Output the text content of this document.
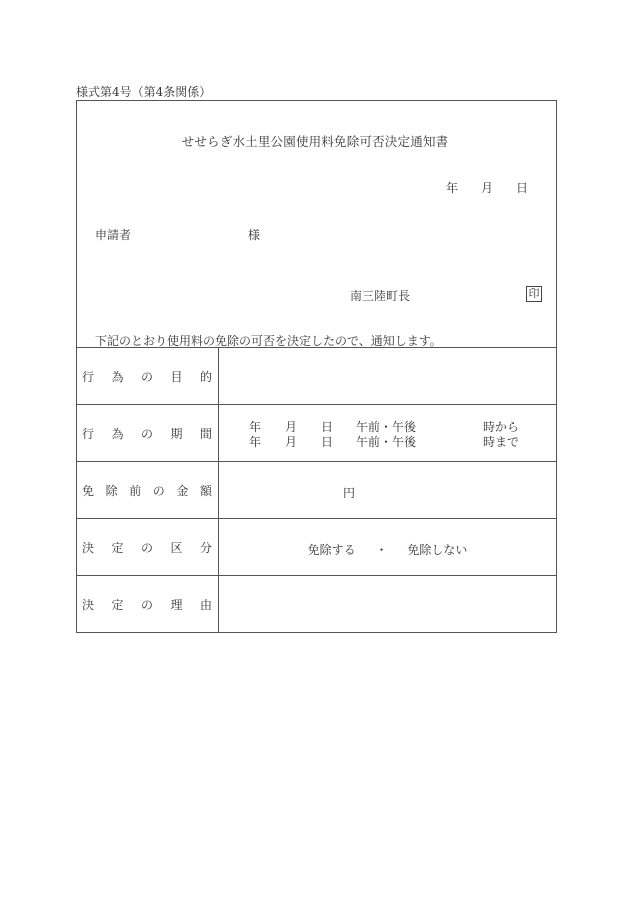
様式第4号（第4条関係）
せせらぎ水土里公園使用料免除可否決定通知書
年 月 日
申請者	様
南三陸町長	印
下記のとおり使用料の免除の可否を決定したので、通知します。
行 為 の 目 的
行 為 の 期 間	年 月 日 午前・午後	時から
年 月 日 午前・午後	時まで
免 除 前 の 金 額	円
決 定 の 区 分	免除する ・ 免除しない
決 定 の 理 由
